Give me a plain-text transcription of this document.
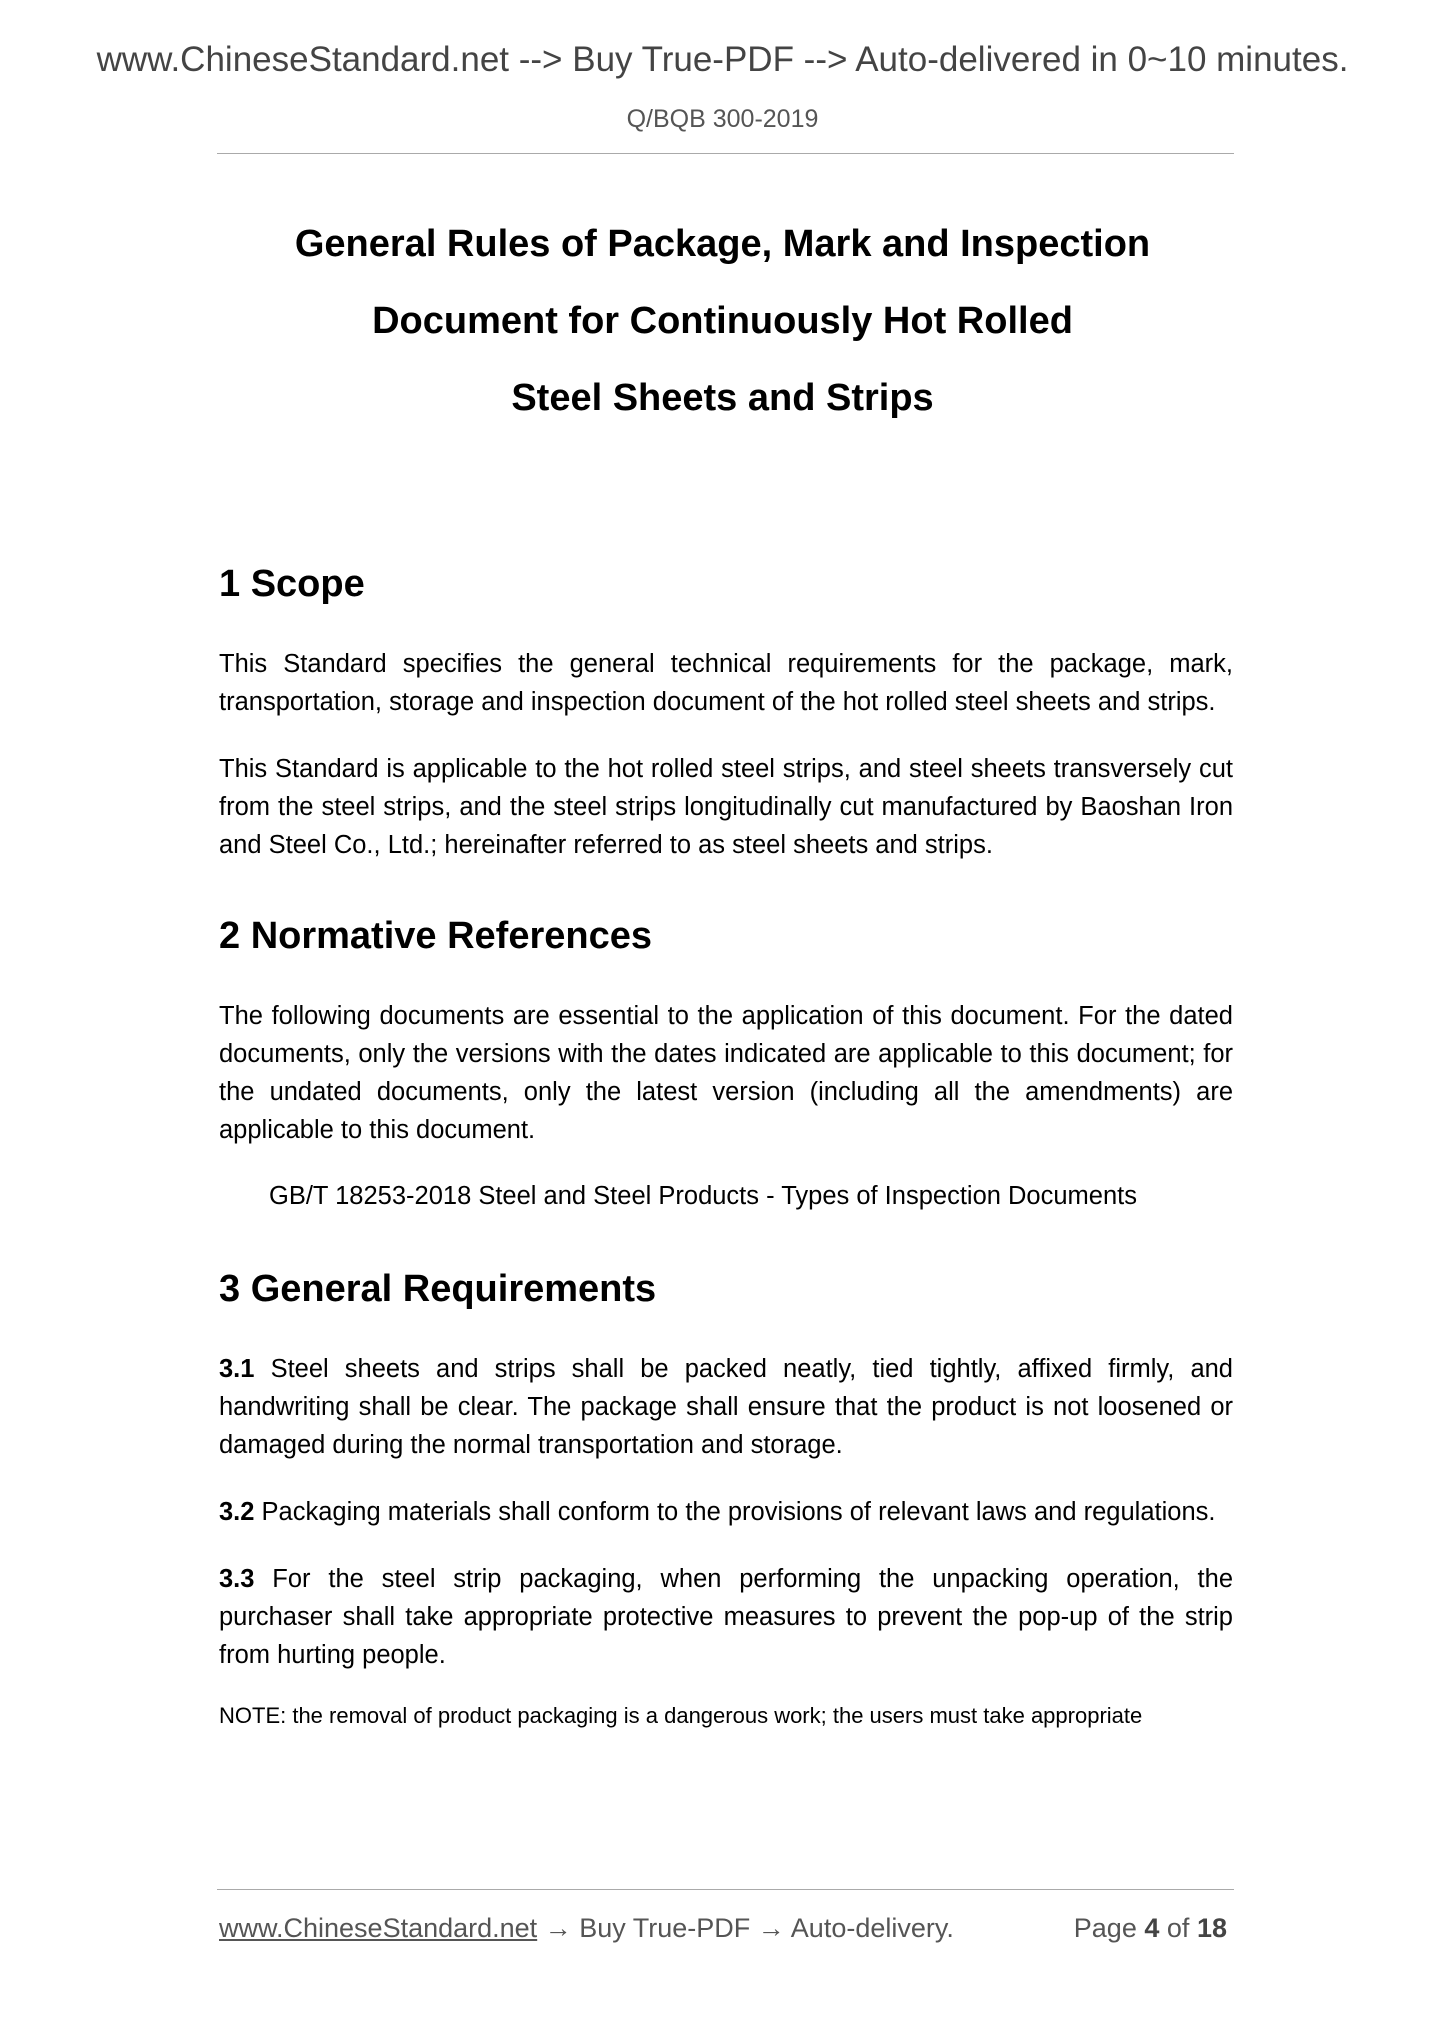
www.ChineseStandard.net --> Buy True-PDF --> Auto-delivered in 0~10 minutes.
Q/BQB 300-2019
General Rules of Package, Mark and Inspection
Document for Continuously Hot Rolled
Steel Sheets and Strips
1 Scope

This Standard specifies the general technical requirements for the package, mark, transportation, storage and inspection document of the hot rolled steel sheets and strips.

This Standard is applicable to the hot rolled steel strips, and steel sheets transversely cut from the steel strips, and the steel strips longitudinally cut manufactured by Baoshan Iron and Steel Co., Ltd.; hereinafter referred to as steel sheets and strips.

2 Normative References

The following documents are essential to the application of this document. For the dated documents, only the versions with the dates indicated are applicable to this document; for the undated documents, only the latest version (including all the amendments) are applicable to this document.

GB/T 18253-2018 Steel and Steel Products - Types of Inspection Documents
3 General Requirements

3.1 Steel sheets and strips shall be packed neatly, tied tightly, affixed firmly, and handwriting shall be clear. The package shall ensure that the product is not loosened or damaged during the normal transportation and storage.

3.2 Packaging materials shall conform to the provisions of relevant laws and regulations.

3.3 For the steel strip packaging, when performing the unpacking operation, the purchaser shall take appropriate protective measures to prevent the pop-up of the strip from hurting people.

NOTE: the removal of product packaging is a dangerous work; the users must take appropriate
www.ChineseStandard.net → Buy True-PDF → Auto-delivery.	Page 4 of 18
